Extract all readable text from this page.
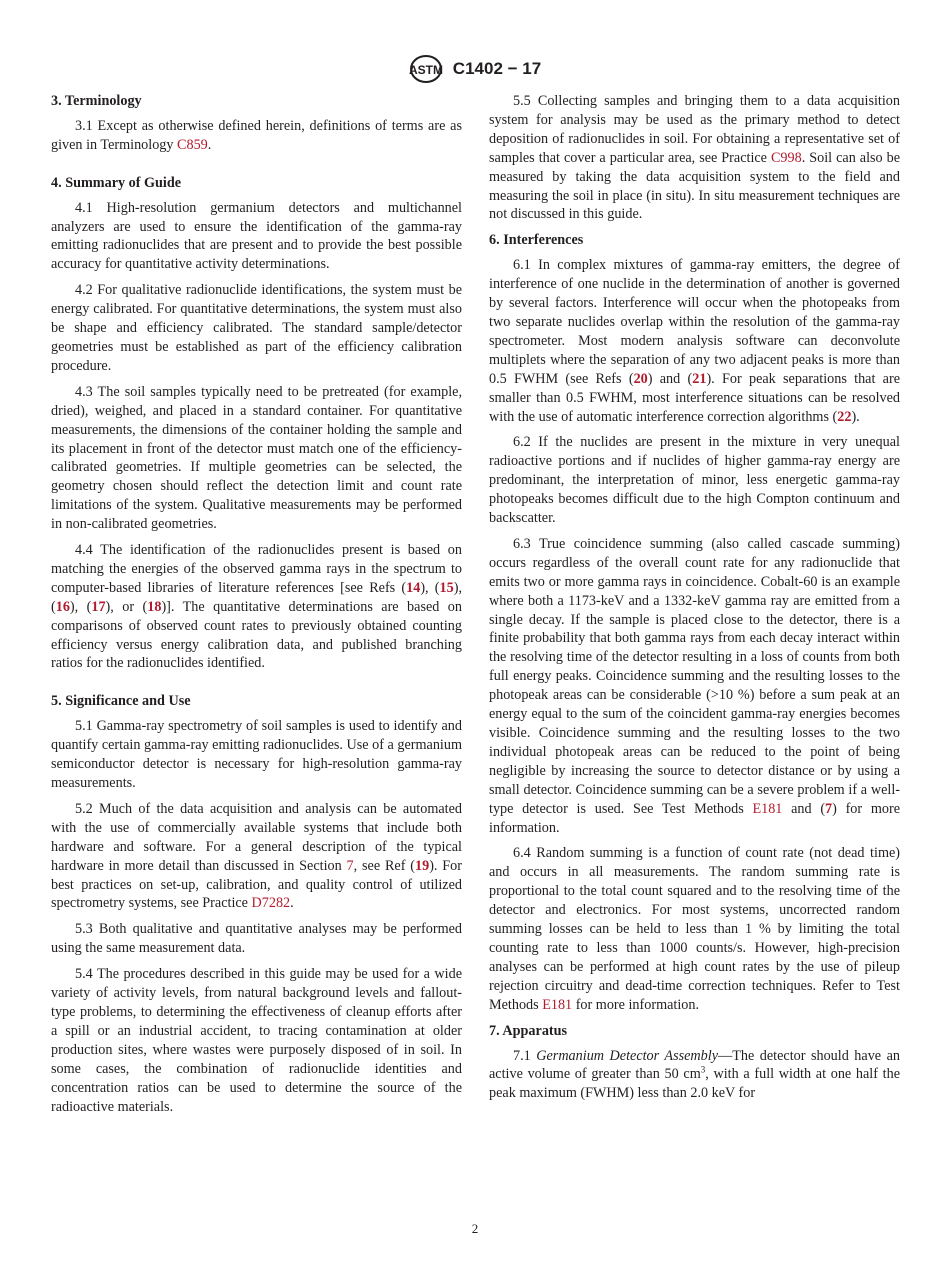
ASTM C1402 − 17
3. Terminology

3.1 Except as otherwise defined herein, definitions of terms are as given in Terminology C859.

4. Summary of Guide

4.1 High-resolution germanium detectors and multichannel analyzers are used to ensure the identification of the gamma-ray emitting radionuclides that are present and to provide the best possible accuracy for quantitative activity determinations.

4.2 For qualitative radionuclide identifications, the system must be energy calibrated. For quantitative determinations, the system must also be shape and efficiency calibrated. The standard sample/detector geometries must be established as part of the efficiency calibration procedure.

4.3 The soil samples typically need to be pretreated (for example, dried), weighed, and placed in a standard container. For quantitative measurements, the dimensions of the container holding the sample and its placement in front of the detector must match one of the efficiency-calibrated geometries. If multiple geometries can be selected, the geometry chosen should reflect the detection limit and count rate limitations of the system. Qualitative measurements may be performed in non-calibrated geometries.

4.4 The identification of the radionuclides present is based on matching the energies of the observed gamma rays in the spectrum to computer-based libraries of literature references [see Refs (14), (15), (16), (17), or (18)]. The quantitative determinations are based on comparisons of observed count rates to previously obtained counting efficiency versus energy calibration data, and published branching ratios for the radionuclides identified.

5. Significance and Use

5.1 Gamma-ray spectrometry of soil samples is used to identify and quantify certain gamma-ray emitting radionuclides. Use of a germanium semiconductor detector is necessary for high-resolution gamma-ray measurements.

5.2 Much of the data acquisition and analysis can be automated with the use of commercially available systems that include both hardware and software. For a general description of the typical hardware in more detail than discussed in Section 7, see Ref (19). For best practices on set-up, calibration, and quality control of utilized spectrometry systems, see Practice D7282.

5.3 Both qualitative and quantitative analyses may be performed using the same measurement data.

5.4 The procedures described in this guide may be used for a wide variety of activity levels, from natural background levels and fallout-type problems, to determining the effectiveness of cleanup efforts after a spill or an industrial accident, to tracing contamination at older production sites, where wastes were purposely disposed of in soil. In some cases, the combination of radionuclide identities and concentration ratios can be used to determine the source of the radioactive materials.

5.5 Collecting samples and bringing them to a data acquisition system for analysis may be used as the primary method to detect deposition of radionuclides in soil. For obtaining a representative set of samples that cover a particular area, see Practice C998. Soil can also be measured by taking the data acquisition system to the field and measuring the soil in place (in situ). In situ measurement techniques are not discussed in this guide.

6. Interferences

6.1 In complex mixtures of gamma-ray emitters, the degree of interference of one nuclide in the determination of another is governed by several factors. Interference will occur when the photopeaks from two separate nuclides overlap within the resolution of the gamma-ray spectrometer. Most modern analysis software can deconvolute multiplets where the separation of any two adjacent peaks is more than 0.5 FWHM (see Refs (20) and (21). For peak separations that are smaller than 0.5 FWHM, most interference situations can be resolved with the use of automatic interference correction algorithms (22).

6.2 If the nuclides are present in the mixture in very unequal radioactive portions and if nuclides of higher gamma-ray energy are predominant, the interpretation of minor, less energetic gamma-ray photopeaks becomes difficult due to the high Compton continuum and backscatter.

6.3 True coincidence summing (also called cascade summing) occurs regardless of the overall count rate for any radionuclide that emits two or more gamma rays in coincidence. Cobalt-60 is an example where both a 1173-keV and a 1332-keV gamma ray are emitted from a single decay. If the sample is placed close to the detector, there is a finite probability that both gamma rays from each decay interact within the resolving time of the detector resulting in a loss of counts from both full energy peaks. Coincidence summing and the resulting losses to the photopeak areas can be considerable (>10 %) before a sum peak at an energy equal to the sum of the coincident gamma-ray energies becomes visible. Coincidence summing and the resulting losses to the two individual photopeak areas can be reduced to the point of being negligible by increasing the source to detector distance or by using a small detector. Coincidence summing can be a severe problem if a well-type detector is used. See Test Methods E181 and (7) for more information.

6.4 Random summing is a function of count rate (not dead time) and occurs in all measurements. The random summing rate is proportional to the total count squared and to the resolving time of the detector and electronics. For most systems, uncorrected random summing losses can be held to less than 1 % by limiting the total counting rate to less than 1000 counts/s. However, high-precision analyses can be performed at high count rates by the use of pileup rejection circuitry and dead-time correction techniques. Refer to Test Methods E181 for more information.

7. Apparatus

7.1 Germanium Detector Assembly—The detector should have an active volume of greater than 50 $cm^3$, with a full width at one half the peak maximum (FWHM) less than 2.0 keV for

2
